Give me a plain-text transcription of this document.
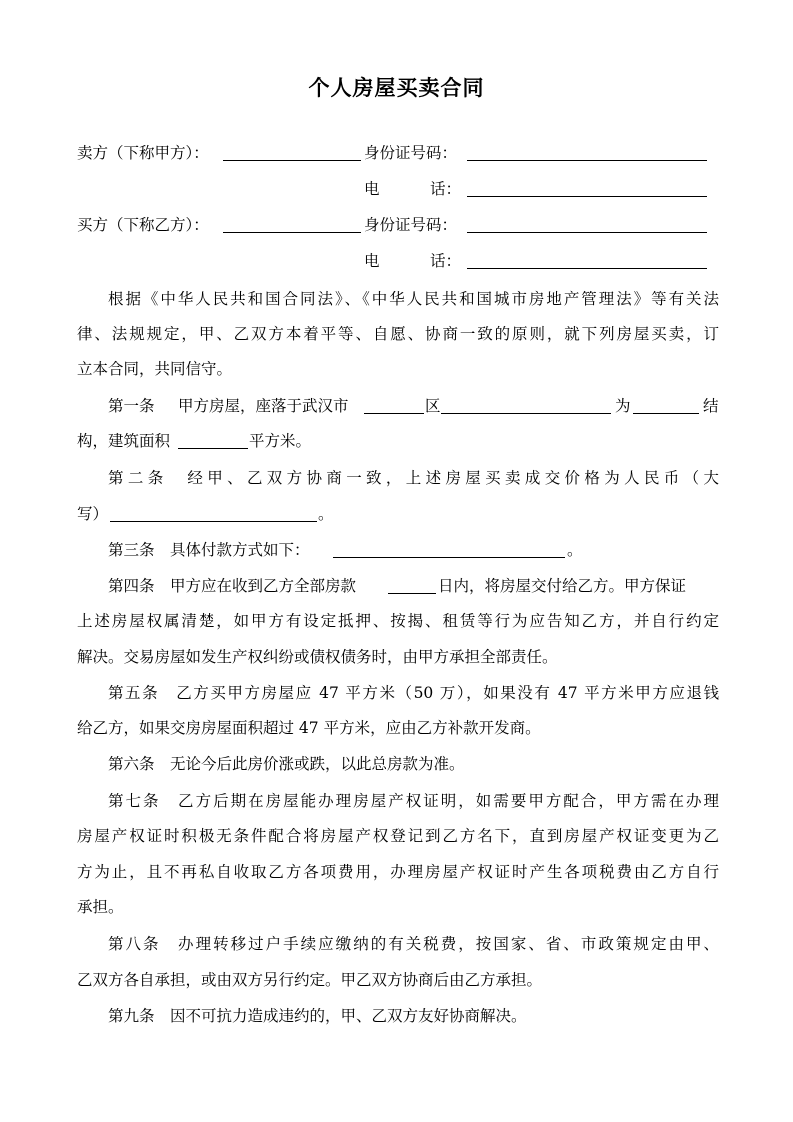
个人房屋买卖合同
卖方（下称甲方）：	身份证号码：
电	话：
买方（下称乙方）：	身份证号码：
电	话：
根据《中华人民共和国合同法》、《中华人民共和国城市房地产管理法》等有关法
律、法规规定，甲、乙双方本着平等、自愿、协商一致的原则，就下列房屋买卖，订
立本合同，共同信守。
第一条 甲方房屋，座落于武汉市	区	为	结
构，建筑面积	平方米。
第二条　经甲、乙双方协商一致，上述房屋买卖成交价格为人民币（大
写）	。
第三条　具体付款方式如下：	。
第四条　甲方应在收到乙方全部房款	日内，将房屋交付给乙方。甲方保证
上述房屋权属清楚，如甲方有设定抵押、按揭、租赁等行为应告知乙方，并自行约定
解决。交易房屋如发生产权纠纷或债权债务时，由甲方承担全部责任。
第五条　乙方买甲方房屋应 47 平方米（50 万），如果没有 47 平方米甲方应退钱
给乙方，如果交房房屋面积超过 47 平方米，应由乙方补款开发商。
第六条　无论今后此房价涨或跌，以此总房款为准。
第七条　乙方后期在房屋能办理房屋产权证明，如需要甲方配合，甲方需在办理
房屋产权证时积极无条件配合将房屋产权登记到乙方名下，直到房屋产权证变更为乙
方为止，且不再私自收取乙方各项费用，办理房屋产权证时产生各项税费由乙方自行
承担。
第八条　办理转移过户手续应缴纳的有关税费，按国家、省、市政策规定由甲、
乙双方各自承担，或由双方另行约定。甲乙双方协商后由乙方承担。
第九条　因不可抗力造成违约的，甲、乙双方友好协商解决。
